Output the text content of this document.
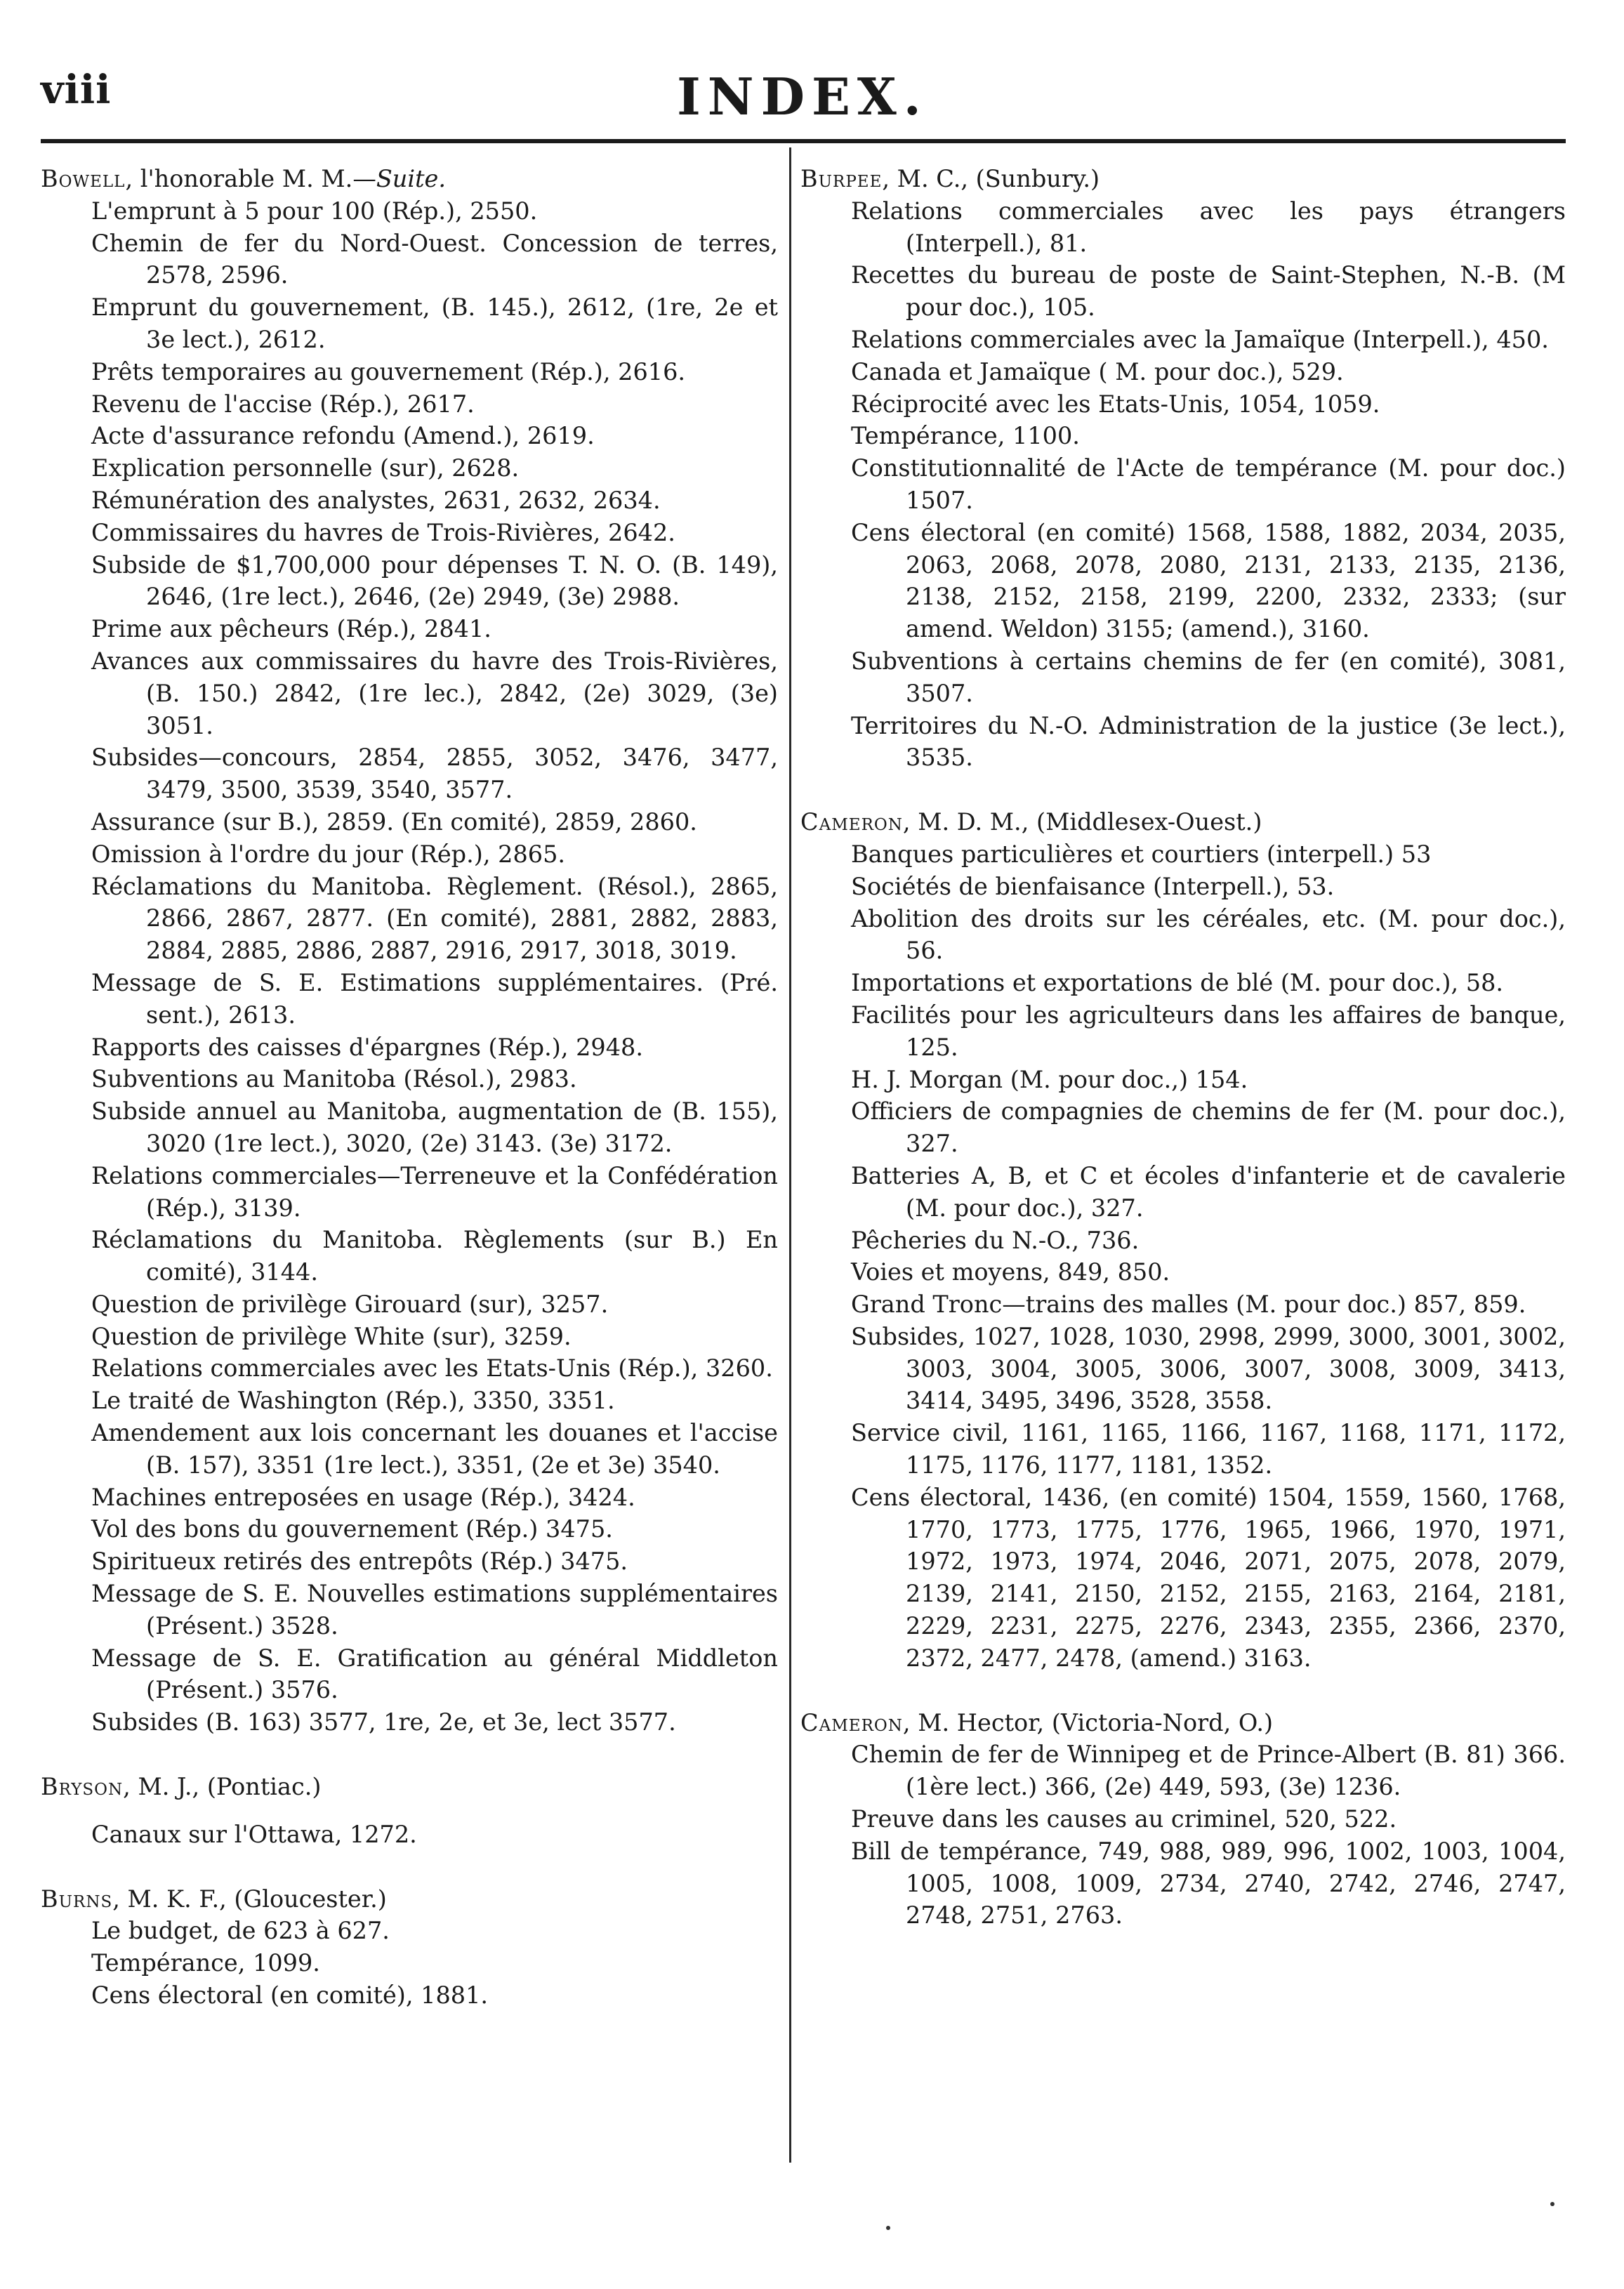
viii	INDEX.
Bowell, l'honorable M. M.—Suite.
L'emprunt à 5 pour 100 (Rép.), 2550.
Chemin de fer du Nord-Ouest. Concession de terres, 2578, 2596.
Emprunt du gouvernement, (B. 145.), 2612, (1re, 2e et 3e lect.), 2612.
Prêts temporaires au gouvernement (Rép.), 2616.
Revenu de l'accise (Rép.), 2617.
Acte d'assurance refondu (Amend.), 2619.
Explication personnelle (sur), 2628.
Rémunération des analystes, 2631, 2632, 2634.
Commissaires du havres de Trois-Rivières, 2642.
Subside de $1,700,000 pour dépenses T. N. O. (B. 149), 2646, (1re lect.), 2646, (2e) 2949, (3e) 2988.
Prime aux pêcheurs (Rép.), 2841.
Avances aux commissaires du havre des Trois-Rivières, (B. 150.) 2842, (1re lec.), 2842, (2e) 3029, (3e) 3051.
Subsides—concours, 2854, 2855, 3052, 3476, 3477, 3479, 3500, 3539, 3540, 3577.
Assurance (sur B.), 2859. (En comité), 2859, 2860.
Omission à l'ordre du jour (Rép.), 2865.
Réclamations du Manitoba. Règlement. (Résol.), 2865, 2866, 2867, 2877. (En comité), 2881, 2882, 2883, 2884, 2885, 2886, 2887, 2916, 2917, 3018, 3019.
Message de S. E. Estimations supplémentaires. (Pré. sent.), 2613.
Rapports des caisses d'épargnes (Rép.), 2948.
Subventions au Manitoba (Résol.), 2983.
Subside annuel au Manitoba, augmentation de (B. 155), 3020 (1re lect.), 3020, (2e) 3143. (3e) 3172.
Relations commerciales—Terreneuve et la Confédération (Rép.), 3139.
Réclamations du Manitoba. Règlements (sur B.) En comité), 3144.
Question de privilège Girouard (sur), 3257.
Question de privilège White (sur), 3259.
Relations commerciales avec les Etats-Unis (Rép.), 3260.
Le traité de Washington (Rép.), 3350, 3351.
Amendement aux lois concernant les douanes et l'accise (B. 157), 3351 (1re lect.), 3351, (2e et 3e) 3540.
Machines entreposées en usage (Rép.), 3424.
Vol des bons du gouvernement (Rép.) 3475.
Spiritueux retirés des entrepôts (Rép.) 3475.
Message de S. E. Nouvelles estimations supplémentaires (Présent.) 3528.
Message de S. E. Gratification au général Middleton (Présent.) 3576.
Subsides (B. 163) 3577, 1re, 2e, et 3e, lect 3577.
Bryson, M. J., (Pontiac.)
Canaux sur l'Ottawa, 1272.
Burns, M. K. F., (Gloucester.)
Le budget, de 623 à 627.
Tempérance, 1099.
Cens électoral (en comité), 1881.
Burpee, M. C., (Sunbury.)
Relations commerciales avec les pays étrangers (Interpell.), 81.
Recettes du bureau de poste de Saint-Stephen, N.-B. (M pour doc.), 105.
Relations commerciales avec la Jamaïque (Interpell.), 450.
Canada et Jamaïque ( M. pour doc.), 529.
Réciprocité avec les Etats-Unis, 1054, 1059.
Tempérance, 1100.
Constitutionnalité de l'Acte de tempérance (M. pour doc.) 1507.
Cens électoral (en comité) 1568, 1588, 1882, 2034, 2035, 2063, 2068, 2078, 2080, 2131, 2133, 2135, 2136, 2138, 2152, 2158, 2199, 2200, 2332, 2333; (sur amend. Weldon) 3155; (amend.), 3160.
Subventions à certains chemins de fer (en comité), 3081, 3507.
Territoires du N.-O. Administration de la justice (3e lect.), 3535.
Cameron, M. D. M., (Middlesex-Ouest.)
Banques particulières et courtiers (interpell.) 53
Sociétés de bienfaisance (Interpell.), 53.
Abolition des droits sur les céréales, etc. (M. pour doc.), 56.
Importations et exportations de blé (M. pour doc.), 58.
Facilités pour les agriculteurs dans les affaires de banque, 125.
H. J. Morgan (M. pour doc.,) 154.
Officiers de compagnies de chemins de fer (M. pour doc.), 327.
Batteries A, B, et C et écoles d'infanterie et de cavalerie (M. pour doc.), 327.
Pêcheries du N.-O., 736.
Voies et moyens, 849, 850.
Grand Tronc—trains des malles (M. pour doc.) 857, 859.
Subsides, 1027, 1028, 1030, 2998, 2999, 3000, 3001, 3002, 3003, 3004, 3005, 3006, 3007, 3008, 3009, 3413, 3414, 3495, 3496, 3528, 3558.
Service civil, 1161, 1165, 1166, 1167, 1168, 1171, 1172, 1175, 1176, 1177, 1181, 1352.
Cens électoral, 1436, (en comité) 1504, 1559, 1560, 1768, 1770, 1773, 1775, 1776, 1965, 1966, 1970, 1971, 1972, 1973, 1974, 2046, 2071, 2075, 2078, 2079, 2139, 2141, 2150, 2152, 2155, 2163, 2164, 2181, 2229, 2231, 2275, 2276, 2343, 2355, 2366, 2370, 2372, 2477, 2478, (amend.) 3163.
Cameron, M. Hector, (Victoria-Nord, O.)
Chemin de fer de Winnipeg et de Prince-Albert (B. 81) 366. (1ère lect.) 366, (2e) 449, 593, (3e) 1236.
Preuve dans les causes au criminel, 520, 522.
Bill de tempérance, 749, 988, 989, 996, 1002, 1003, 1004, 1005, 1008, 1009, 2734, 2740, 2742, 2746, 2747, 2748, 2751, 2763.
